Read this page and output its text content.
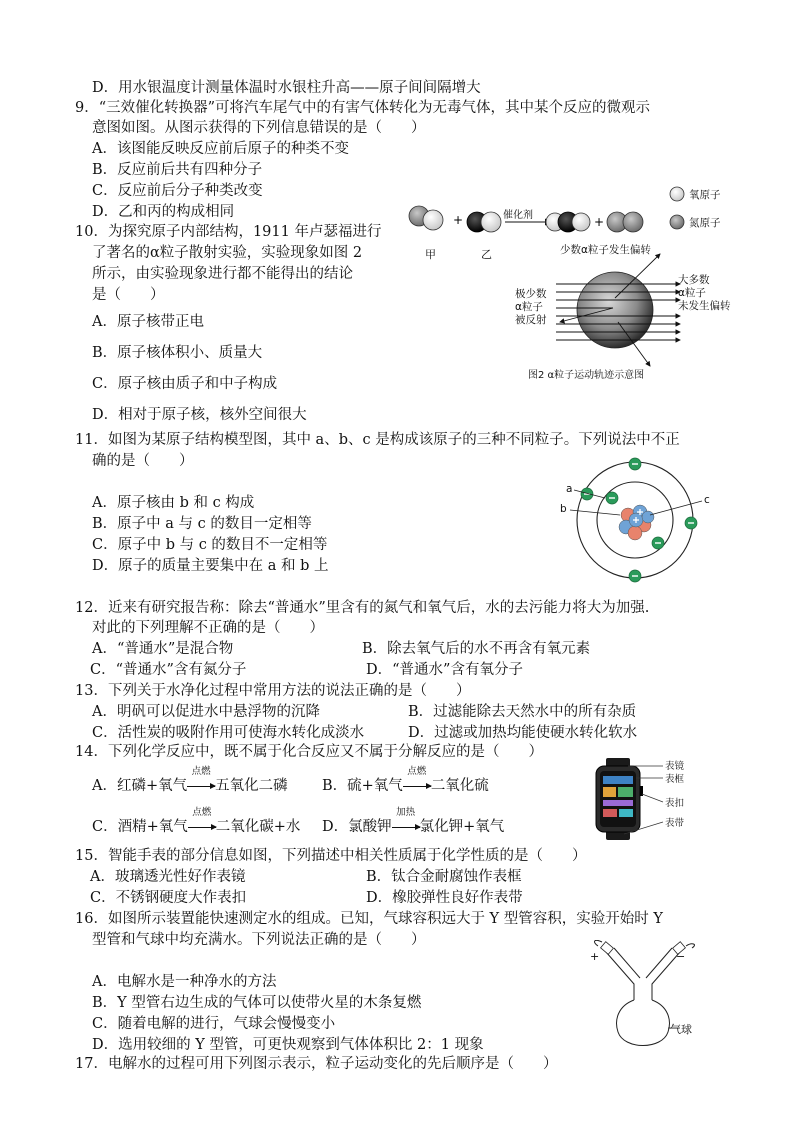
D．用水银温度计测量体温时水银柱升高——原子间间隔增大
9．“三效催化转换器”可将汽车尾气中的有害气体转化为无毒气体，其中某个反应的微观示
意图如图。从图示获得的下列信息错误的是（　　）
A．该图能反映反应前后原子的种类不变
B．反应前后共有四种分子
C．反应前后分子种类改变
D．乙和丙的构成相同	+	+
催化剂
甲	乙
氧原子
氮原子
10．为探究原子内部结构，1911 年卢瑟福进行
了著名的α粒子散射实验，实验现象如图 2
所示，由实验现象进行都不能得出的结论
是（　　）
A．原子核带正电
B．原子核体积小、质量大
C．原子核由质子和中子构成
D．相对于原子核，核外空间很大
少数α粒子发生偏转
极少数
α粒子
被反射
大多数
α粒子
未发生偏转
图2 α粒子运动轨迹示意图
11．如图为某原子结构模型图，其中 a、b、c 是构成该原子的三种不同粒子。下列说法中不正
确的是（　　）
A．原子核由 b 和 c 构成
B．原子中 a 与 c 的数目一定相等
C．原子中 b 与 c 的数目不一定相等
D．原子的质量主要集中在 a 和 b 上
a
b
c
12．近来有研究报告称：除去“普通水”里含有的氮气和氧气后，水的去污能力将大为加强.
对此的下列理解不正确的是（　　）
A．“普通水”是混合物	B．除去氧气后的水不再含有氧元素
C．“普通水”含有氮分子	D．“普通水”含有氧分子
13．下列关于水净化过程中常用方法的说法正确的是（　　）
A．明矾可以促进水中悬浮物的沉降	B．过滤能除去天然水中的所有杂质
C．活性炭的吸附作用可使海水转化成淡水	D．过滤或加热均能使硬水转化软水
14．下列化学反应中，既不属于化合反应又不属于分解反应的是（　　）
A．红磷+氧气
点燃
五氧化二磷 B．硫+氧气
点燃
二氧化硫
C．酒精+氧气
点燃
二氧化碳+水 D．氯酸钾
加热
氯化钾+氧气
表镜
表框
表扣
表带
15．智能手表的部分信息如图，下列描述中相关性质属于化学性质的是（　　）
A．玻璃透光性好作表镜	B．钛合金耐腐蚀作表框
C．不锈钢硬度大作表扣	D．橡胶弹性良好作表带
16．如图所示装置能快速测定水的组成。已知，气球容积远大于 Y 型管容积，实验开始时 Y
型管和气球中均充满水。下列说法正确的是（　　）
A．电解水是一种净水的方法
B．Y 型管右边生成的气体可以使带火星的木条复燃
C．随着电解的进行，气球会慢慢变小
D．选用较细的 Y 型管，可更快观察到气体体积比 2：1 现象
+	−
气球
17．电解水的过程可用下列图示表示，粒子运动变化的先后顺序是（　　）
